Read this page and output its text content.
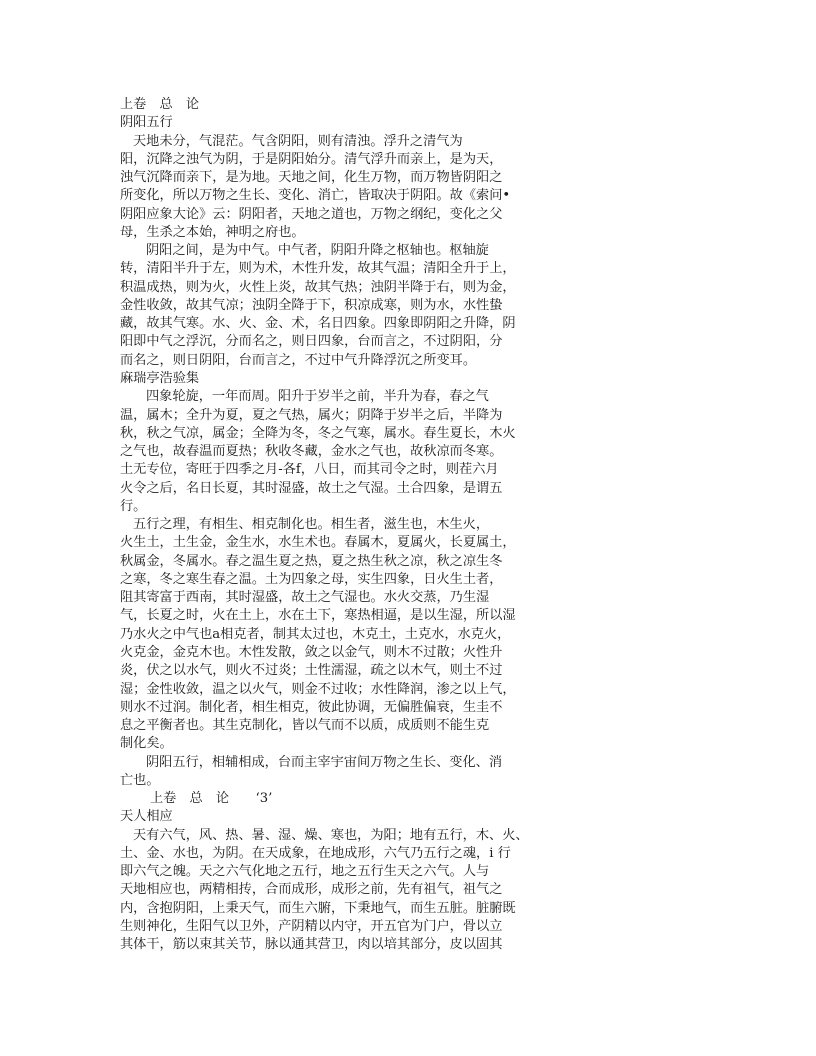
上卷　总　论
阴阳五行
天地未分，气混茫。气含阴阳，则有清浊。浮升之清气为
阳，沉降之浊气为阴，于是阴阳始分。清气浮升而亲上，是为天，
浊气沉降而亲下，是为地。天地之间，化生万物，而万物皆阴阳之
所变化，所以万物之生长、变化、消亡，皆取决于阴阳。故《索问•
阴阳应象大论》云：阴阳者，天地之道也，万物之纲纪，变化之父
母，生杀之本始，神明之府也。
阴阳之间，是为中气。中气者，阴阳升降之枢轴也。枢轴旋
转，清阳半升于左，则为术，木性升发，故其气温；清阳全升于上，
积温成热，则为火，火性上炎，故其气热；浊阴半降于右，则为金，
金性收敛，故其气凉；浊阴全降于下，积凉成寒，则为水，水性蛰
藏，故其气寒。水、火、金、术，名日四象。四象即阴阳之升降，阴
阳即中气之浮沉，分而名之，则日四象，台而言之，不过阴阳，分
而名之，则日阴阳，台而言之，不过中气升降浮沉之所变耳。
麻瑞亭浩验集
四象轮旋，一年而周。阳升于岁半之前，半升为春，春之气
温，属木；全升为夏，夏之气热，属火；阴降于岁半之后，半降为
秋，秋之气凉，属金；全降为冬，冬之气寒，属水。春生夏长，木火
之气也，故春温而夏热；秋收冬藏，金水之气也，故秋凉而冬寒。
土无专位，寄旺于四季之月-各f，八日，而其司令之时，则茬六月
火令之后，名日长夏，其时湿盛，故土之气湿。土合四象，是谓五
行。
五行之理，有相生、相克制化也。相生者，滋生也，木生火，
火生土，土生金，金生水，水生术也。春属木，夏属火，长夏属土，
秋属金，冬属水。春之温生夏之热，夏之热生秋之凉，秋之凉生冬
之寒，冬之寒生春之温。土为四象之母，实生四象，日火生土者，
阻其寄富于西南，其时湿盛，故土之气湿也。水火交蒸，乃生湿
气，长夏之时，火在土上，水在土下，寒热相逼，是以生湿，所以湿
乃水火之中气也a相克者，制其太过也，木克土，土克水，水克火，
火克金，金克木也。木性发散，敛之以金气，则木不过散；火性升
炎，伏之以水气，则火不过炎；土性濡湿，疏之以木气，则土不过
湿；金性收敛，温之以火气，则金不过收；水性降润，渗之以上气，
则水不过润。制化者，相生相克，彼此协调，无偏胜偏衰，生圭不
息之平衡者也。其生克制化，皆以气而不以质，成质则不能生克
制化矣。
阴阳五行，相辅相成，台而主宰宇宙间万物之生长、变化、消
亡也。
上卷　总　论　　‘3’
天人相应
天有六气，风、热、暑、湿、燥、寒也，为阳；地有五行，木、火、
土、金、水也，为阴。在天成象，在地成形，六气乃五行之魂，i 行
即六气之魄。天之六气化地之五行，地之五行生天之六气。人与
天地相应也，两精相抟，合而成形，成形之前，先有祖气，祖气之
内，含抱阴阳，上秉天气，而生六腑，下秉地气，而生五脏。脏腑既
生则神化，生阳气以卫外，产阴精以内守，开五官为门户，骨以立
其体干，筋以束其关节，脉以通其营卫，肉以培其部分，皮以固其
